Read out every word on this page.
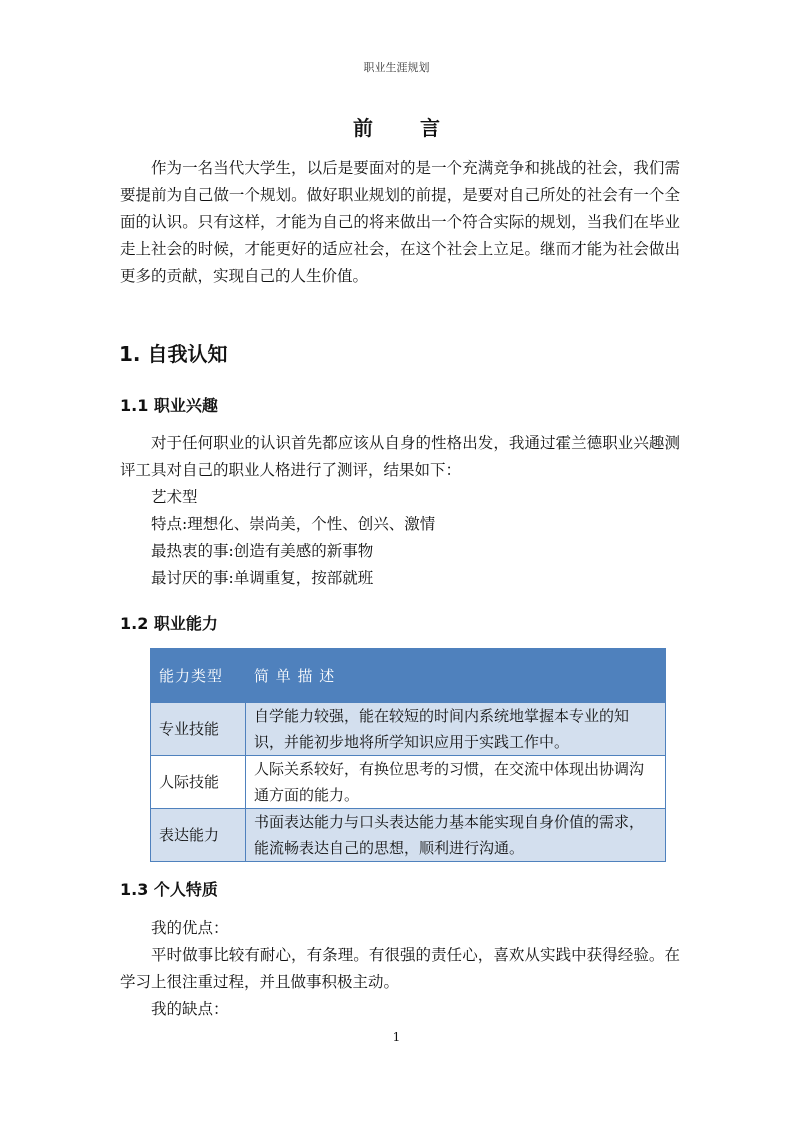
职业生涯规划
前 言
作为一名当代大学生，以后是要面对的是一个充满竞争和挑战的社会，我们需要提前为自己做一个规划。做好职业规划的前提，是要对自己所处的社会有一个全面的认识。只有这样，才能为自己的将来做出一个符合实际的规划，当我们在毕业走上社会的时候，才能更好的适应社会，在这个社会上立足。继而才能为社会做出更多的贡献，实现自己的人生价值。
1. 自我认知
1.1 职业兴趣
对于任何职业的认识首先都应该从自身的性格出发，我通过霍兰德职业兴趣测评工具对自己的职业人格进行了测评，结果如下：
艺术型
特点:理想化、崇尚美，个性、创兴、激情
最热衷的事:创造有美感的新事物
最讨厌的事:单调重复，按部就班
1.2 职业能力
能力类型	简 单 描 述
专业技能	自学能力较强，能在较短的时间内系统地掌握本专业的知识，并能初步地将所学知识应用于实践工作中。
人际技能	人际关系较好，有换位思考的习惯，在交流中体现出协调沟通方面的能力。
表达能力	书面表达能力与口头表达能力基本能实现自身价值的需求，能流畅表达自己的思想，顺利进行沟通。
1.3 个人特质
我的优点：
平时做事比较有耐心，有条理。有很强的责任心，喜欢从实践中获得经验。在学习上很注重过程，并且做事积极主动。
我的缺点：
1
